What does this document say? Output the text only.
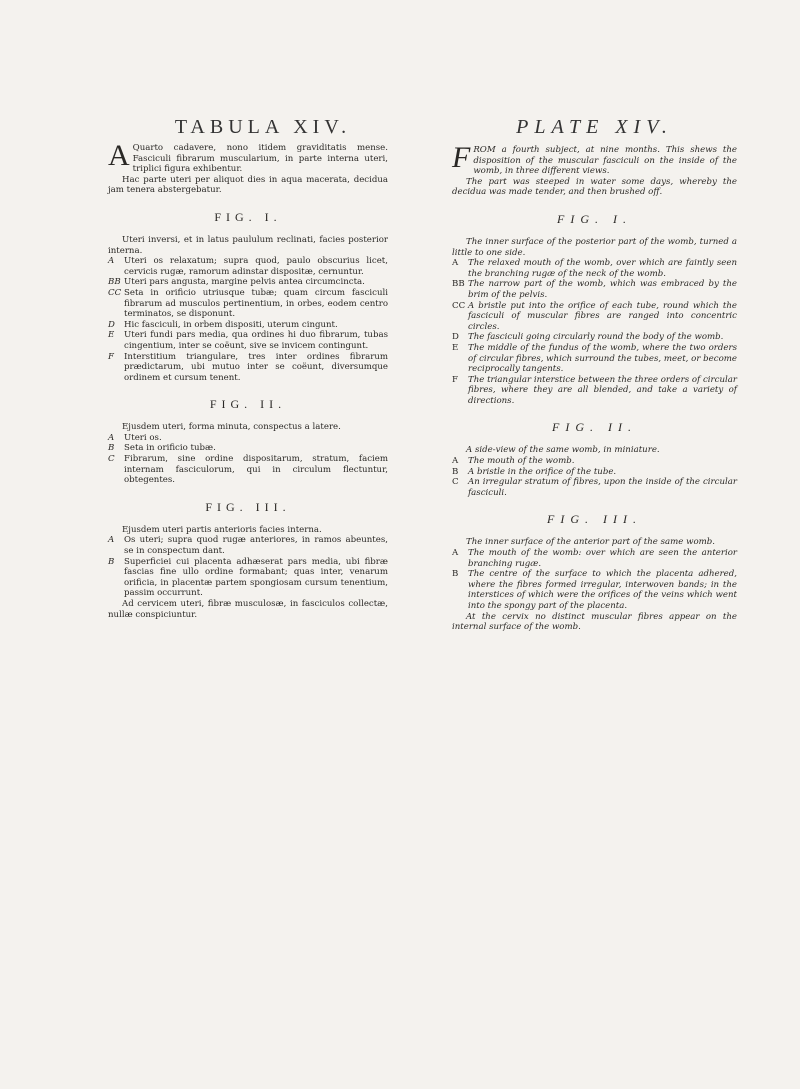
TABULA XIV.

A Quarto cadavere, nono itidem graviditatis mense. Fasciculi fibrarum muscularium, in parte interna uteri, triplici figura exhibentur.

Hac parte uteri per aliquot dies in aqua macerata, decidua jam tenera abstergebatur.

FIG. I.

Uteri inversi, et in latus paululum reclinati, facies posterior interna.

A	Uteri os relaxatum; supra quod, paulo obscurius licet, cervicis rugæ, ramorum adinstar dispositæ, cernuntur.
BB Uteri pars angusta, margine pelvis antea circumcincta.
CC Seta in orificio utriusque tubæ; quam circum fasciculi fibrarum ad musculos pertinentium, in orbes, eodem centro terminatos, se disponunt.
D	Hic fasciculi, in orbem dispositi, uterum cingunt.
E	Uteri fundi pars media, qua ordines hi duo fibrarum, tubas cingentium, inter se coëunt, sive se invicem contingunt.
F	Interstitium triangulare, tres inter ordines fibrarum prædictarum, ubi mutuo inter se coëunt, diversumque ordinem et cursum tenent.
FIG. II.

Ejusdem uteri, forma minuta, conspectus a latere.

A	Uteri os.
B	Seta in orificio tubæ.
C	Fibrarum, sine ordine dispositarum, stratum, faciem internam fasciculorum, qui in circulum flectuntur, obtegentes.
FIG. III.

Ejusdem uteri partis anterioris facies interna.

A	Os uteri; supra quod rugæ anteriores, in ramos abeuntes, se in conspectum dant.
B	Superficiei cui placenta adhæserat pars media, ubi fibræ fascias fine ullo ordine formabant; quas inter, venarum orificia, in placentæ partem spongiosam cursum tenentium, passim occurrunt.

Ad cervicem uteri, fibræ musculosæ, in fasciculos collectæ, nullæ conspiciuntur.

PLATE XIV.

FROM a fourth subject, at nine months. This shews the disposition of the muscular fasciculi on the inside of the womb, in three different views.

The part was steeped in water some days, whereby the decidua was made tender, and then brushed off.

FIG. I.

The inner surface of the posterior part of the womb, turned a little to one side.

A	The relaxed mouth of the womb, over which are faintly seen the branching rugæ of the neck of the womb.
BB The narrow part of the womb, which was embraced by the brim of the pelvis.
CC A bristle put into the orifice of each tube, round which the fasciculi of muscular fibres are ranged into concentric circles.
D	The fasciculi going circularly round the body of the womb.
E	The middle of the fundus of the womb, where the two orders of circular fibres, which surround the tubes, meet, or become reciprocally tangents.
F	The triangular interstice between the three orders of circular fibres, where they are all blended, and take a variety of directions.
FIG. II.

A side-view of the same womb, in miniature.

A	The mouth of the womb.
B	A bristle in the orifice of the tube.
C	An irregular stratum of fibres, upon the inside of the circular fasciculi.
FIG. III.

The inner surface of the anterior part of the same womb.

A	The mouth of the womb: over which are seen the anterior branching rugæ.
B	The centre of the surface to which the placenta adhered, where the fibres formed irregular, interwoven bands; in the interstices of which were the orifices of the veins which went into the spongy part of the placenta.

At the cervix no distinct muscular fibres appear on the internal surface of the womb.
